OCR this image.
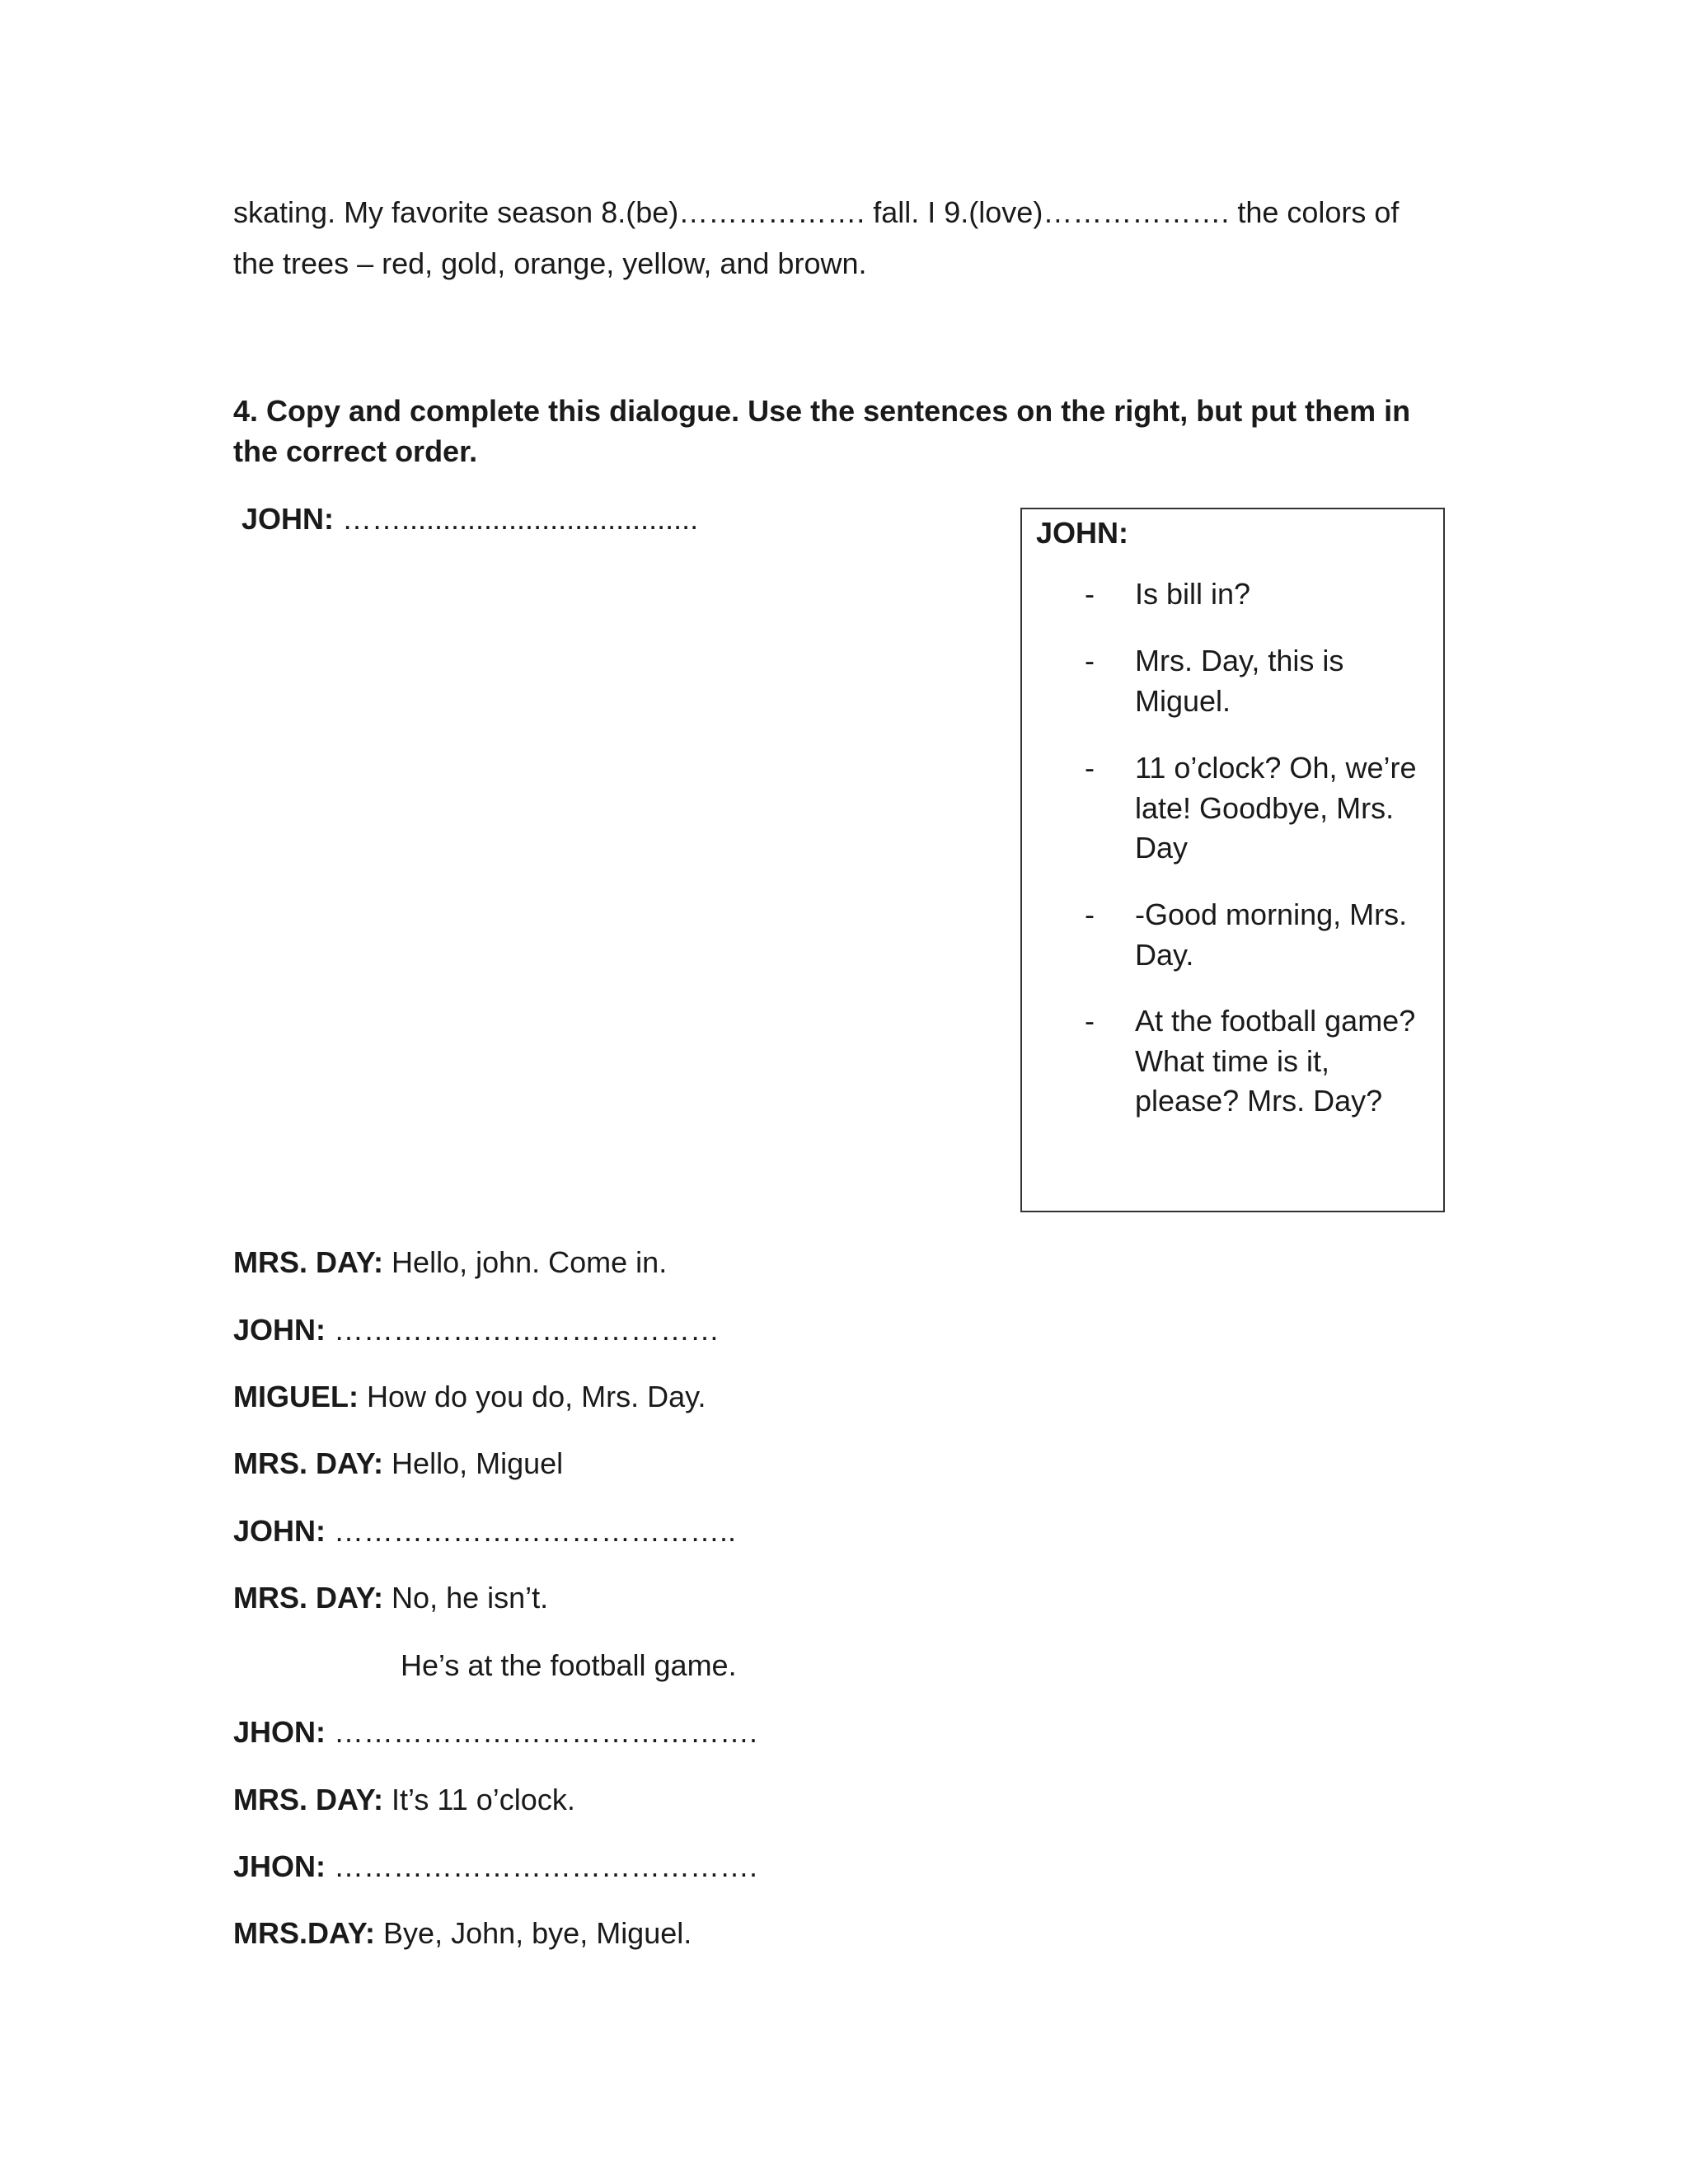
skating. My favorite season 8.(be)………………. fall. I 9.(love)………………. the colors of
the trees – red, gold, orange, yellow, and brown.
4. Copy and complete this dialogue. Use the sentences on the right, but put them in the correct order.
JOHN: ……....................................	JOHN:
- Is bill in?
- Mrs. Day, this is Miguel.
- 11 o’clock? Oh, we’re late! Goodbye, Mrs. Day
- -Good morning, Mrs. Day.
- At the football game? What time is it, please? Mrs. Day?
MRS. DAY: Hello, john. Come in.
JOHN: …………………………………
MIGUEL: How do you do, Mrs. Day.
MRS. DAY: Hello, Miguel
JOHN: …………………………………..
MRS. DAY: No, he isn’t.
He’s at the football game.
JHON: …………………………………….
MRS. DAY: It’s 11 o’clock.
JHON: …………………………………….
MRS.DAY: Bye, John, bye, Miguel.
